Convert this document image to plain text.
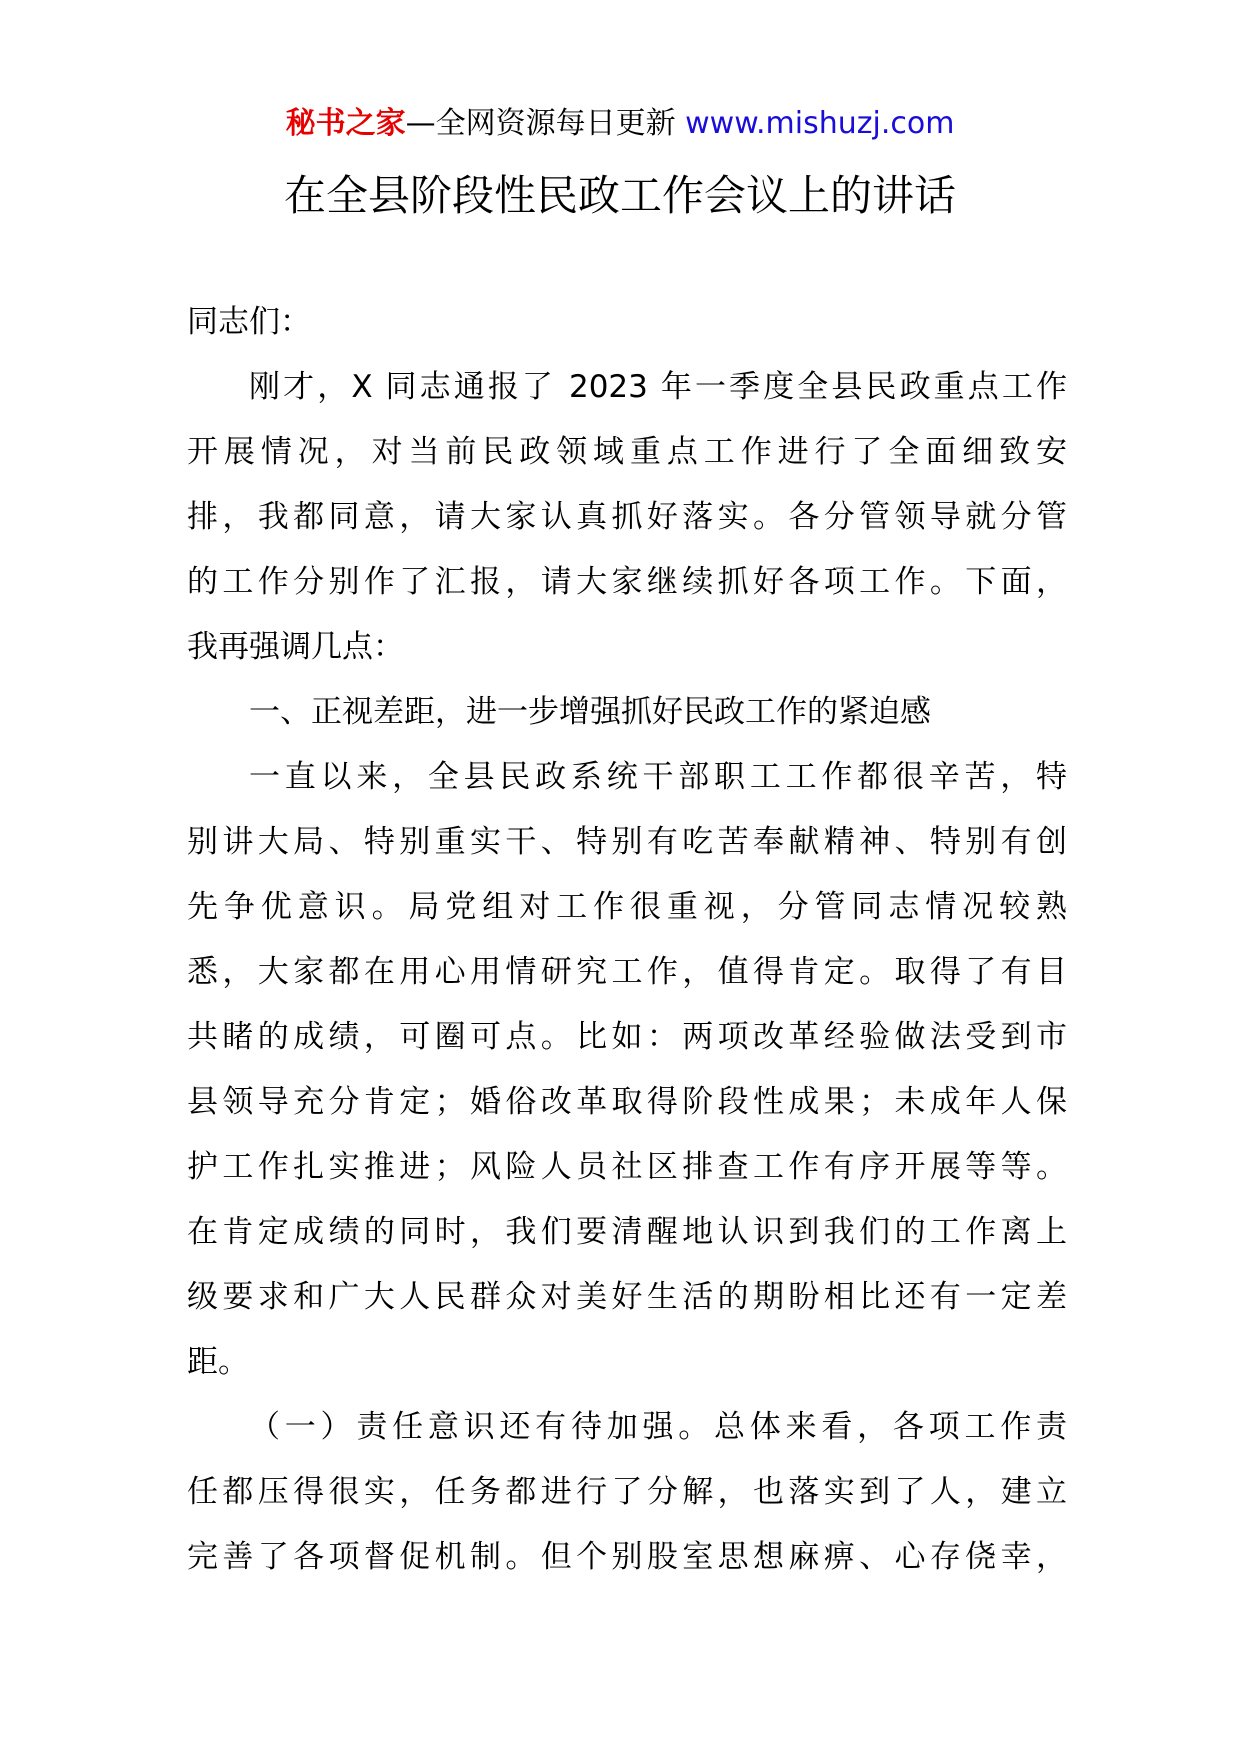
秘书之家—全网资源每日更新 www.mishuzj.com
在全县阶段性民政工作会议上的讲话
同志们：
刚才，X 同志通报了 2023 年一季度全县民政重点工作
开展情况，对当前民政领域重点工作进行了全面细致安
排，我都同意，请大家认真抓好落实。各分管领导就分管
的工作分别作了汇报，请大家继续抓好各项工作。下面，
我再强调几点：
一、正视差距，进一步增强抓好民政工作的紧迫感
一直以来，全县民政系统干部职工工作都很辛苦，特
别讲大局、特别重实干、特别有吃苦奉献精神、特别有创
先争优意识。局党组对工作很重视，分管同志情况较熟
悉，大家都在用心用情研究工作，值得肯定。取得了有目
共睹的成绩，可圈可点。比如：两项改革经验做法受到市
县领导充分肯定；婚俗改革取得阶段性成果；未成年人保
护工作扎实推进；风险人员社区排查工作有序开展等等。
在肯定成绩的同时，我们要清醒地认识到我们的工作离上
级要求和广大人民群众对美好生活的期盼相比还有一定差
距。
（一）责任意识还有待加强。总体来看，各项工作责
任都压得很实，任务都进行了分解，也落实到了人，建立
完善了各项督促机制。但个别股室思想麻痹、心存侥幸，
